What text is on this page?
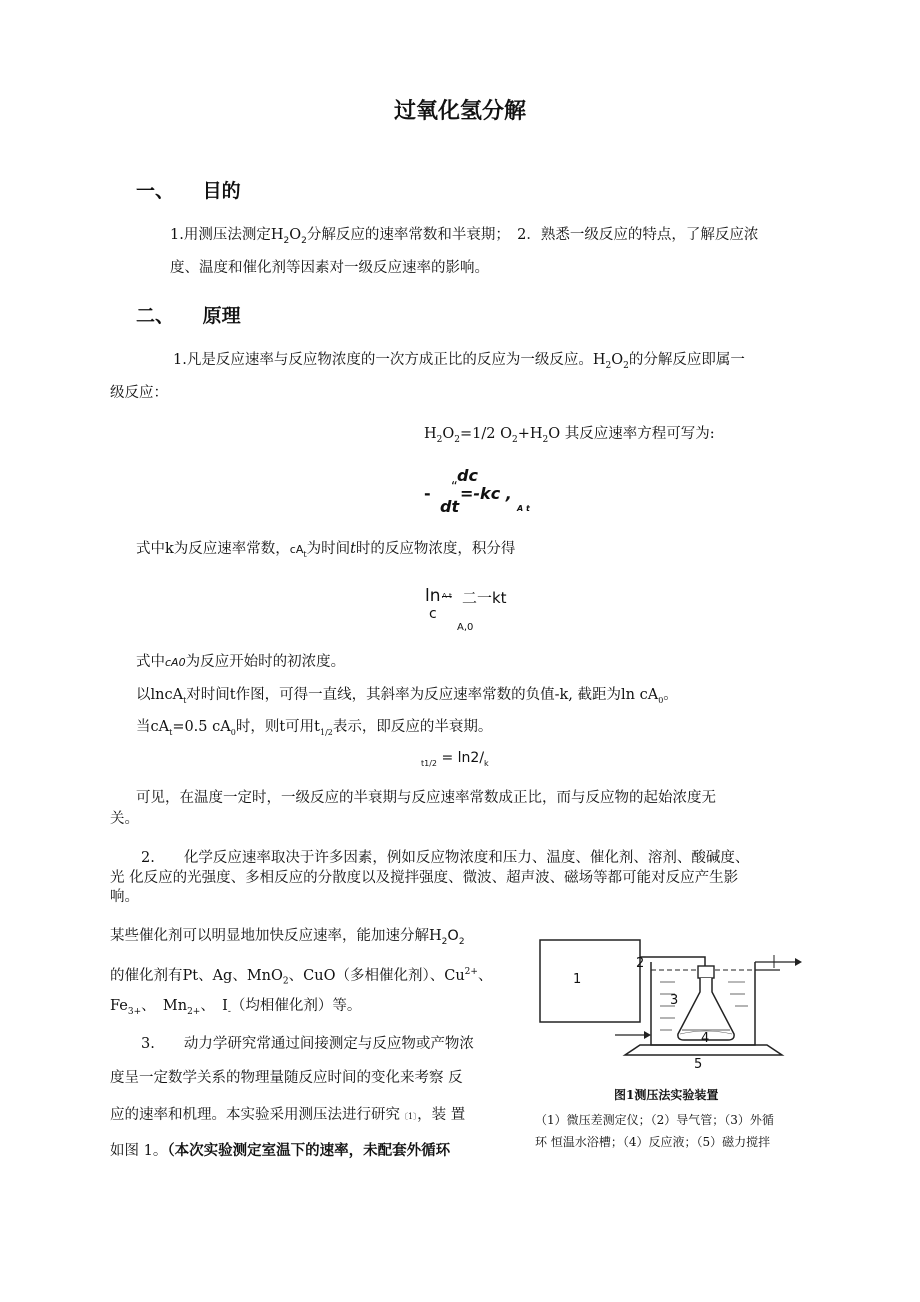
过氧化氢分解
一、 目的
1.用测压法测定$H_2O_2$分解反应的速率常数和半衰期；　2．熟悉一级反应的特点，了解反应浓
度、温度和催化剂等因素对一级反应速率的影响。
二、 原理
1.凡是反应速率与反应物浓度的一次方成正比的反应为一级反应。$H_2O_2$的分解反应即属一
级反应：
$H_2O_2=1/2$ $O_2+H_2O$ 其反应速率方程可写为:
dc
- “ =-kc ,
dt	A t
式中k为反应速率常数，$cA_t$为时间t时的反应物浓度，积分得
ln A t 二一kt
c
A,0
式中cA0为反应开始时的初浓度。
以lncA$_t$对时间t作图，可得一直线，其斜率为反应速率常数的负值-k, 截距为$\ln cA_0$。
当$cA_t=0.5$ $cA_0$时，则t可用$t_{1/2}$表示，即反应的半衰期。
$_{t1/2} = \ln 2/_k$
可见，在温度一定时，一级反应的半衰期与反应速率常数成正比，而与反应物的起始浓度无
关。
2.　　化学反应速率取决于许多因素，例如反应物浓度和压力、温度、催化剂、溶剂、酸碱度、
光 化反应的光强度、多相反应的分散度以及搅拌强度、微波、超声波、磁场等都可能对反应产生影
响。
某些催化剂可以明显地加快反应速率，能加速分解$H_2O_2$
的催化剂有Pt、Ag、MnO$_2$、CuO（多相催化剂）、$Cu^{2+}$、
$Fe_{3+}$、　$Mn_{2+}$、　$I_-$（均相催化剂）等。
3.　　动力学研究常通过间接测定与反应物或产物浓
度呈一定数学关系的物理量随反应时间的变化来考察 反
应的速率和机理。本实验采用测压法进行研究〔1〕，装 置
如图 1。（本次实验测定室温下的速率，未配套外循环
1
2
3
4
5
图1测压法实验装置
（1）微压差测定仪；（2）导气管；（3）外循
环 恒温水浴槽；（4）反应液；（5）磁力搅拌
